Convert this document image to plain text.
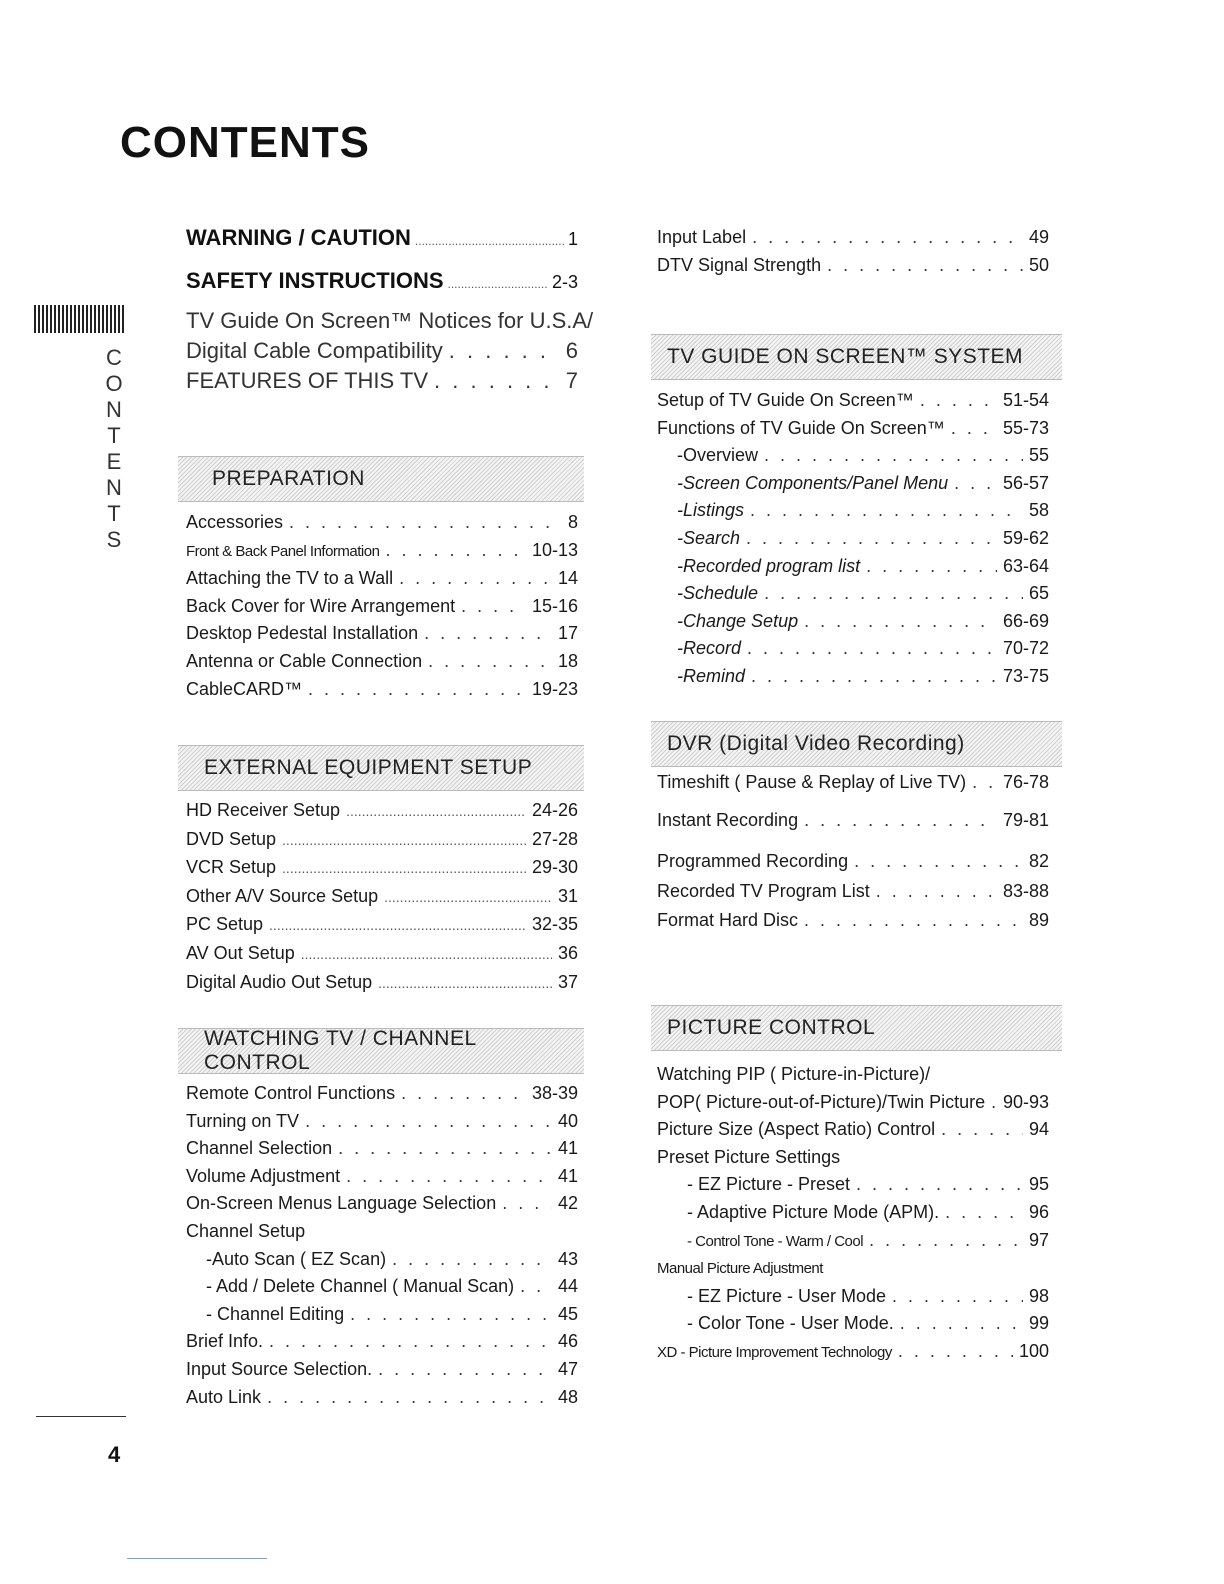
CONTENTS
C
O
N
T
E
N
T
S
WARNING / CAUTION .....	1
SAFETY INSTRUCTIONS .....	2-3
TV Guide On Screen™ Notices for U.S.A/
Digital Cable Compatibility . . .	6
FEATURES OF THIS TV . . .	7
PREPARATION
Accessories . . .	8
Front & Back Panel Information . . .	10-13
Attaching the TV to a Wall . . .	14
Back Cover for Wire Arrangement . . .	15-16
Desktop Pedestal Installation . . .	17
Antenna or Cable Connection . . .	18
CableCARD™ . . .	19-23
EXTERNAL EQUIPMENT SETUP
HD Receiver Setup .....	24-26
DVD Setup .....	27-28
VCR Setup .....	29-30
Other A/V Source Setup .....	31
PC Setup .....	32-35
AV Out Setup .....	36
Digital Audio Out Setup .....	37
WATCHING TV / CHANNEL CONTROL
Remote Control Functions . . .	38-39
Turning on TV . . .	40
Channel Selection . . .	41
Volume Adjustment . . .	41
On-Screen Menus Language Selection . . .	42
Channel Setup
-Auto Scan ( EZ Scan) . . .	43
- Add / Delete Channel ( Manual Scan) . . . 44
- Channel Editing . . .	45
Brief Info. . . .	46
Input Source Selection. . . .	47
Auto Link . . .	48
Input Label . . .	49
DTV Signal Strength . . .	50
TV GUIDE ON SCREEN™ SYSTEM
Setup of TV Guide On Screen™ . . .	51-54
Functions of TV Guide On Screen™ . . .	55-73
-Overview . . .	55
-Screen Components/Panel Menu . . .	56-57
-Listings . . .	58
-Search . . .	59-62
-Recorded program list . . .	63-64
-Schedule . . .	65
-Change Setup . . .	66-69
-Record . . .	70-72
-Remind . . .	73-75
DVR (Digital Video Recording)
Timeshift ( Pause & Replay of Live TV) . . . 76-78
Instant Recording . . .	79-81
Programmed Recording . . .	82
Recorded TV Program List . . .	83-88
Format Hard Disc . . .	89
PICTURE CONTROL
Watching PIP ( Picture-in-Picture)/
POP( Picture-out-of-Picture)/Twin Picture . . . 90-93
Picture Size (Aspect Ratio) Control . . .	94
Preset Picture Settings
- EZ Picture - Preset . . .	95
- Adaptive Picture Mode (APM). . . .	96
- Control Tone - Warm / Cool . . .	97
Manual Picture Adjustment
- EZ Picture - User Mode . . .	98
- Color Tone - User Mode. . . .	99
XD - Picture Improvement Technology . . .	100
4
